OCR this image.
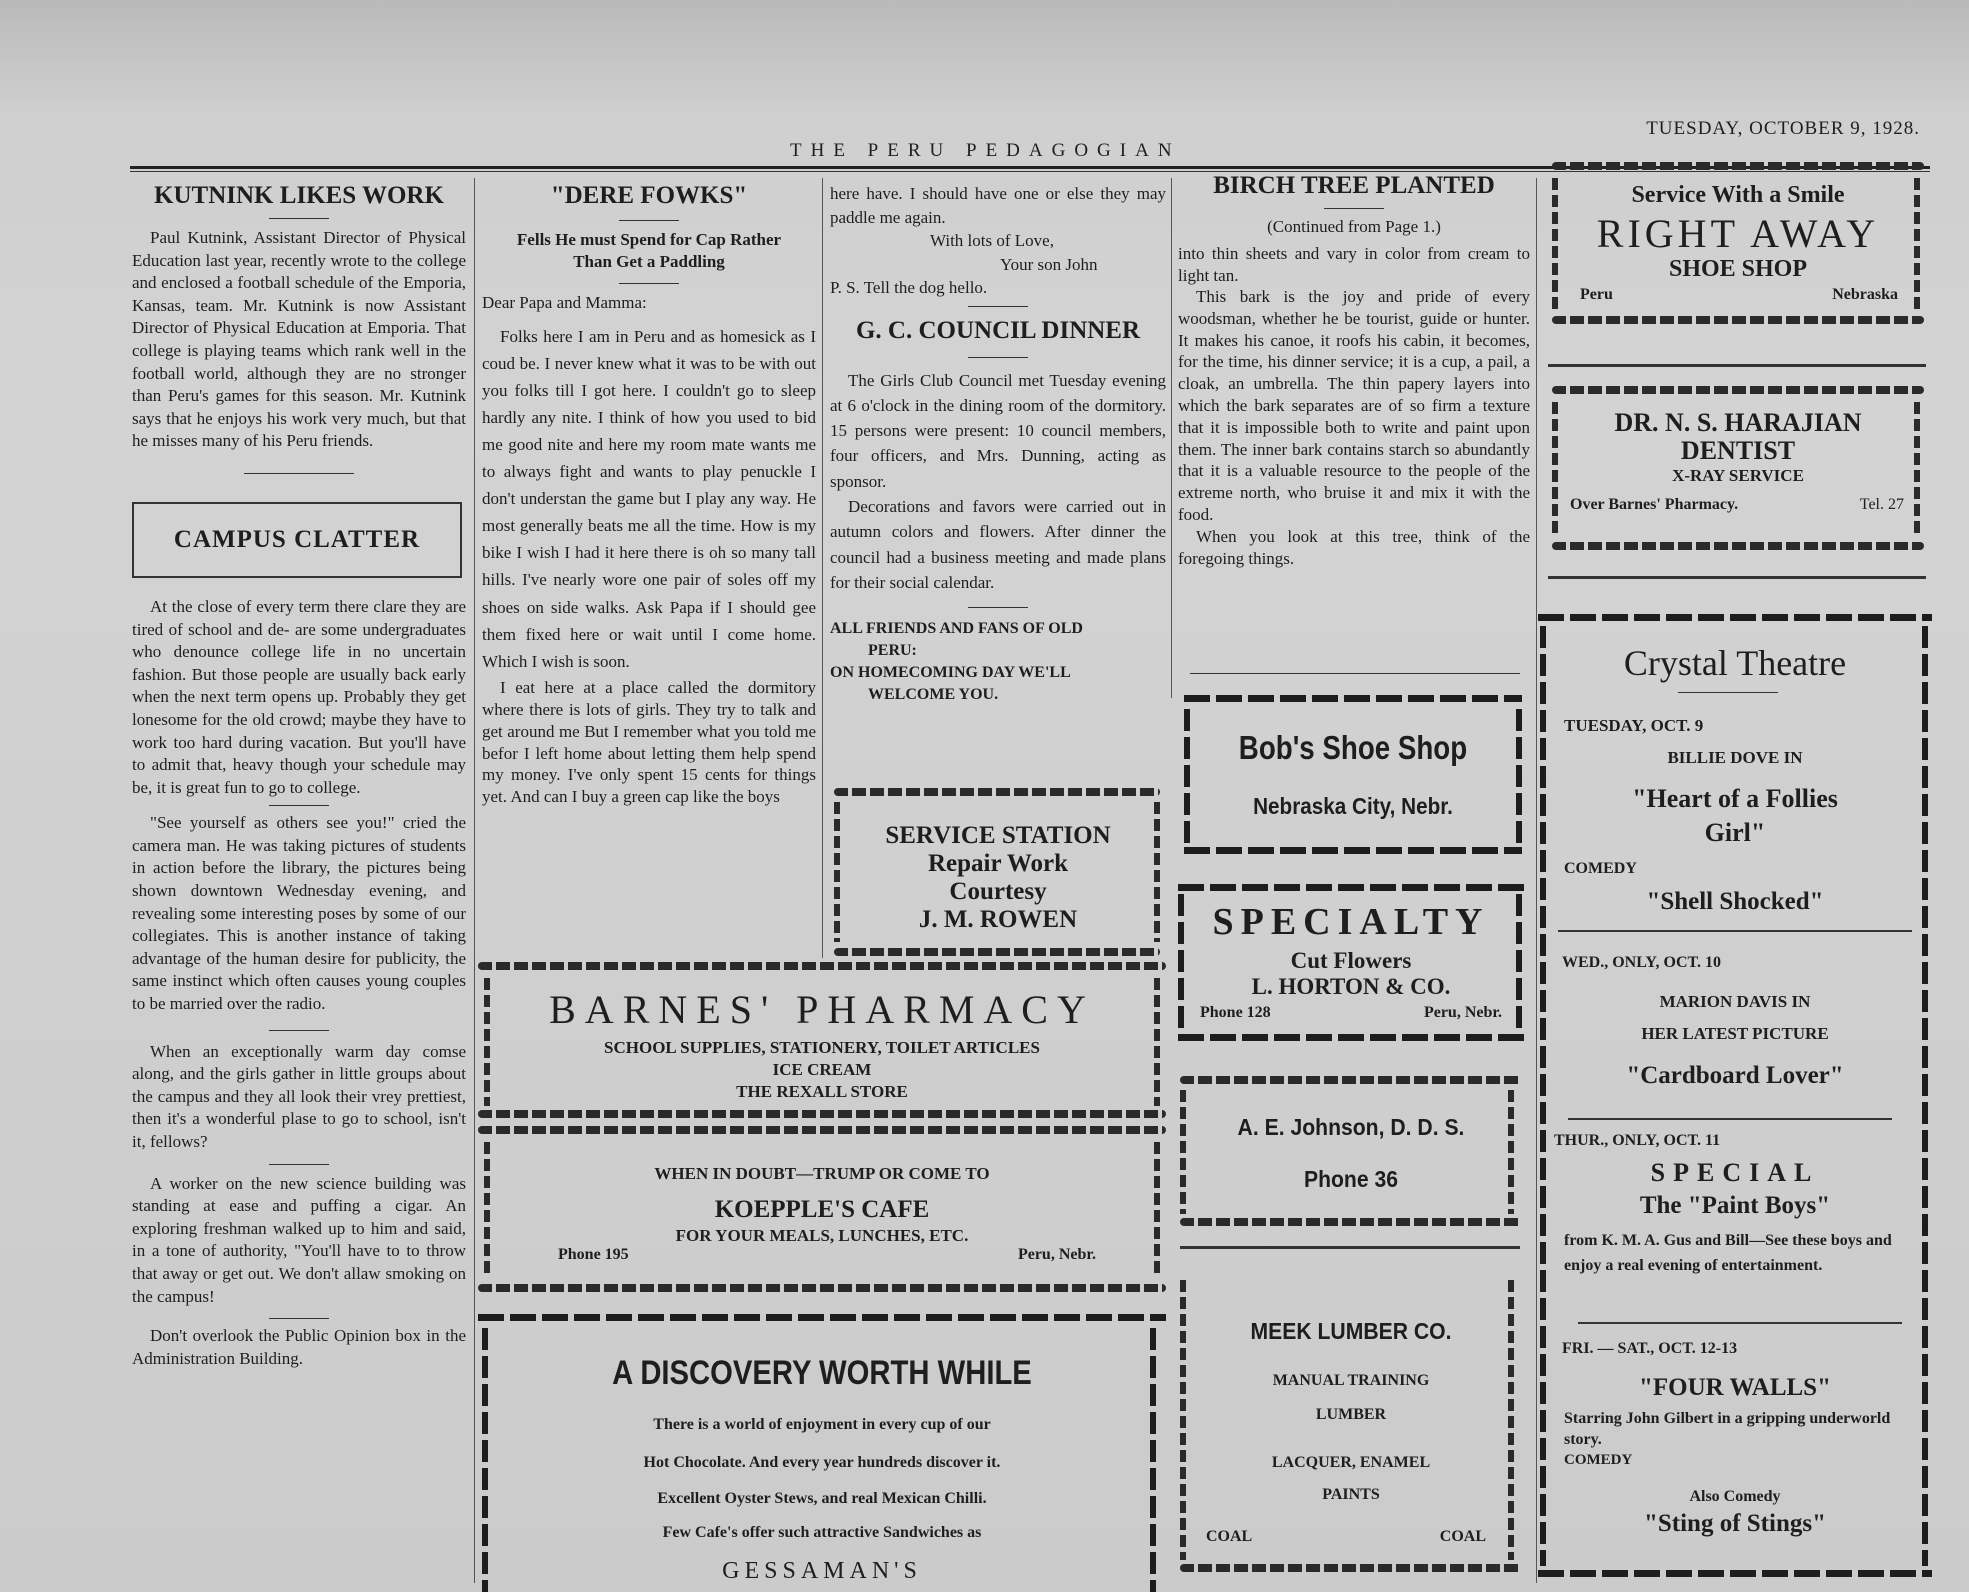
THE PERU PEDAGOGIAN
TUESDAY, OCTOBER 9, 1928.
KUTNINK LIKES WORK

Paul Kutnink, Assistant Director of Physical Education last year, recently wrote to the college and enclosed a football schedule of the Emporia, Kansas, team. Mr. Kutnink is now Assistant Director of Physical Education at Emporia. That college is playing teams which rank well in the football world, although they are no stronger than Peru's games for this season. Mr. Kutnink says that he enjoys his work very much, but that he misses many of his Peru friends.

CAMPUS CLATTER

At the close of every term there clare they are tired of school and de- are some undergraduates who denounce college life in no uncertain fashion. But those people are usually back early when the next term opens up. Probably they get lonesome for the old crowd; maybe they have to work too hard during vacation. But you'll have to admit that, heavy though your schedule may be, it is great fun to go to college.

"See yourself as others see you!" cried the camera man. He was taking pictures of students in action before the library, the pictures being shown downtown Wednesday evening, and revealing some interesting poses by some of our collegiates. This is another instance of taking advantage of the human desire for publicity, the same instinct which often causes young couples to be married over the radio.

When an exceptionally warm day comse along, and the girls gather in little groups about the campus and they all look their vrey prettiest, then it's a wonderful plase to go to school, isn't it, fellows?

A worker on the new science building was standing at ease and puffing a cigar. An exploring freshman walked up to him and said, in a tone of authority, "You'll have to to throw that away or get out. We don't allaw smoking on the campus!

Don't overlook the Public Opinion box in the Administration Building.

"DERE FOWKS"

Fells He must Spend for Cap Rather Than Get a Paddling

Dear Papa and Mamma:

Folks here I am in Peru and as homesick as I coud be. I never knew what it was to be with out you folks till I got here. I couldn't go to sleep hardly any nite. I think of how you used to bid me good nite and here my room mate wants me to always fight and wants to play penuckle I don't understan the game but I play any way. He most generally beats me all the time. How is my bike I wish I had it here there is oh so many tall hills. I've nearly wore one pair of soles off my shoes on side walks. Ask Papa if I should gee them fixed here or wait until I come home. Which I wish is soon.

I eat here at a place called the dormitory where there is lots of girls. They try to talk and get around me But I remember what you told me befor I left home about letting them help spend my money. I've only spent 15 cents for things yet. And can I buy a green cap like the boys

here have. I should have one or else they may paddle me again.

With lots of Love,

Your son John

P. S. Tell the dog hello.

G. C. COUNCIL DINNER

The Girls Club Council met Tuesday evening at 6 o'clock in the dining room of the dormitory. 15 persons were present: 10 council members, four officers, and Mrs. Dunning, acting as sponsor.

Decorations and favors were carried out in autumn colors and flowers. After dinner the council had a business meeting and made plans for their social calendar.

ALL FRIENDS AND FANS OF OLD

PERU:

ON HOMECOMING DAY WE'LL

WELCOME YOU.

BIRCH TREE PLANTED

(Continued from Page 1.)

into thin sheets and vary in color from cream to light tan.

This bark is the joy and pride of every woodsman, whether he be tourist, guide or hunter. It makes his canoe, it roofs his cabin, it becomes, for the time, his dinner service; it is a cup, a pail, a cloak, an umbrella. The thin papery layers into which the bark separates are of so firm a texture that it is impossible both to write and paint upon them. The inner bark contains starch so abundantly that it is a valuable resource to the people of the extreme north, who bruise it and mix it with the food.

When you look at this tree, think of the foregoing things.

SERVICE STATION

Repair Work

Courtesy

J. M. ROWEN

BARNES' PHARMACY

SCHOOL SUPPLIES, STATIONERY, TOILET ARTICLES

ICE CREAM

THE REXALL STORE

WHEN IN DOUBT—TRUMP OR COME TO

KOEPPLE'S CAFE

FOR YOUR MEALS, LUNCHES, ETC.

Phone 195	Peru, Nebr.

A DISCOVERY WORTH WHILE

There is a world of enjoyment in every cup of our

Hot Chocolate. And every year hundreds discover it.

Excellent Oyster Stews, and real Mexican Chilli.

Few Cafe's offer such attractive Sandwiches as

GESSAMAN'S

Bob's Shoe Shop

Nebraska City, Nebr.

SPECIALTY

Cut Flowers

L. HORTON & CO.

Phone 128	Peru, Nebr.

A. E. Johnson, D. D. S.

Phone 36

MEEK LUMBER CO.

MANUAL TRAINING

LUMBER

LACQUER, ENAMEL

PAINTS

COAL	COAL

Service With a Smile

RIGHT AWAY

SHOE SHOP

Peru	Nebraska

DR. N. S. HARAJIAN

DENTIST

X-RAY SERVICE

Over Barnes' Pharmacy.	Tel. 27

Crystal Theatre

TUESDAY, OCT. 9

BILLIE DOVE IN

"Heart of a Follies

Girl"

COMEDY

"Shell Shocked"

WED., ONLY, OCT. 10

MARION DAVIS IN

HER LATEST PICTURE

"Cardboard Lover"

THUR., ONLY, OCT. 11

SPECIAL

The "Paint Boys"

from K. M. A. Gus and Bill—See these boys and enjoy a real evening of entertainment.

FRI. — SAT., OCT. 12-13

"FOUR WALLS"

Starring John Gilbert in a gripping underworld story.

COMEDY

Also Comedy

"Sting of Stings"
